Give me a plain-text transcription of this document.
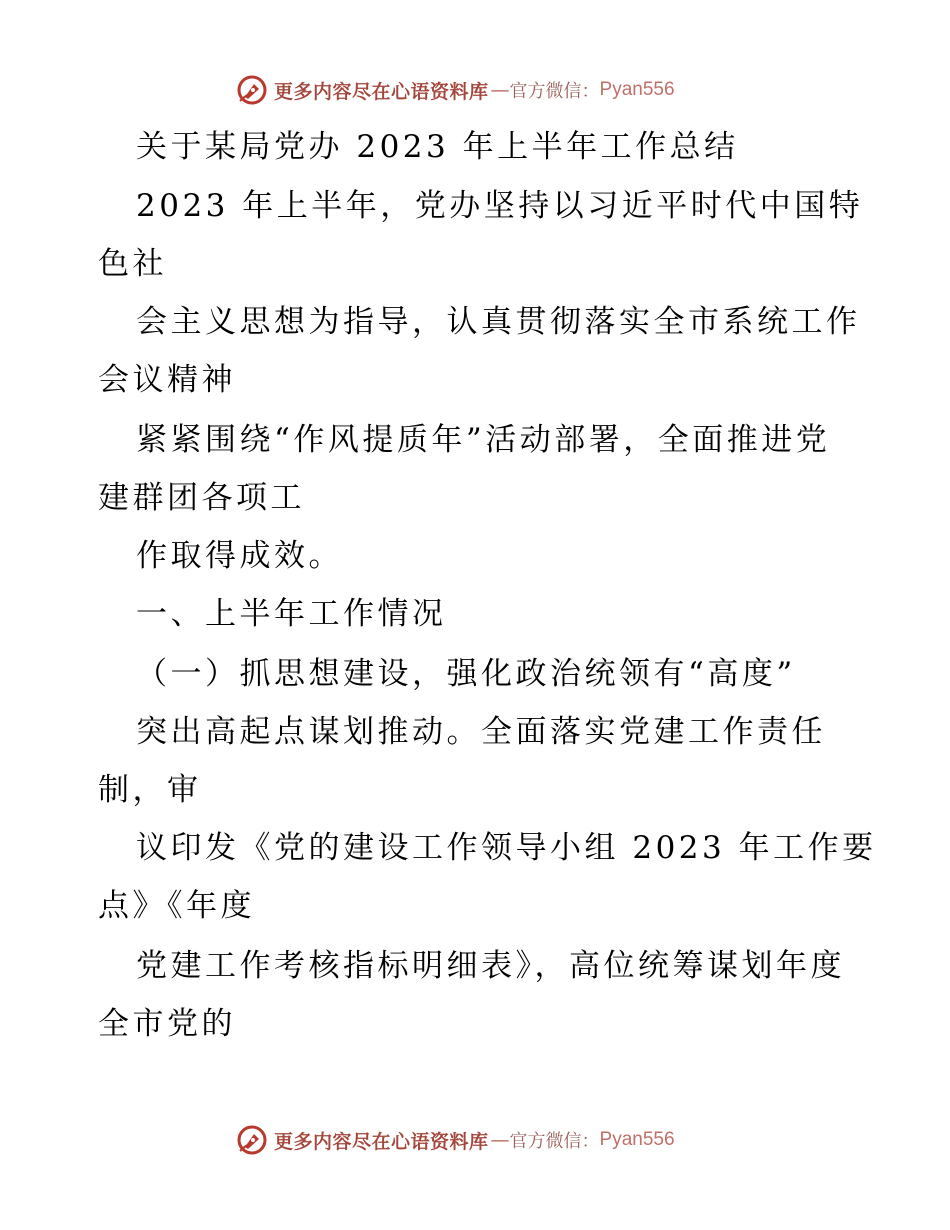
更多内容尽在心语资料库 — 官方微信： Pyan556
关于某局党办 2023 年上半年工作总结
2023 年上半年，党办坚持以习近平时代中国特
色社
会主义思想为指导，认真贯彻落实全市系统工作
会议精神
紧紧围绕“作风提质年”活动部署，全面推进党
建群团各项工
作取得成效。
一、上半年工作情况
（一）抓思想建设，强化政治统领有“高度”
突出高起点谋划推动。全面落实党建工作责任
制，审
议印发《党的建设工作领导小组 2023 年工作要
点》《年度
党建工作考核指标明细表》，高位统筹谋划年度
全市党的
更多内容尽在心语资料库 — 官方微信： Pyan556
